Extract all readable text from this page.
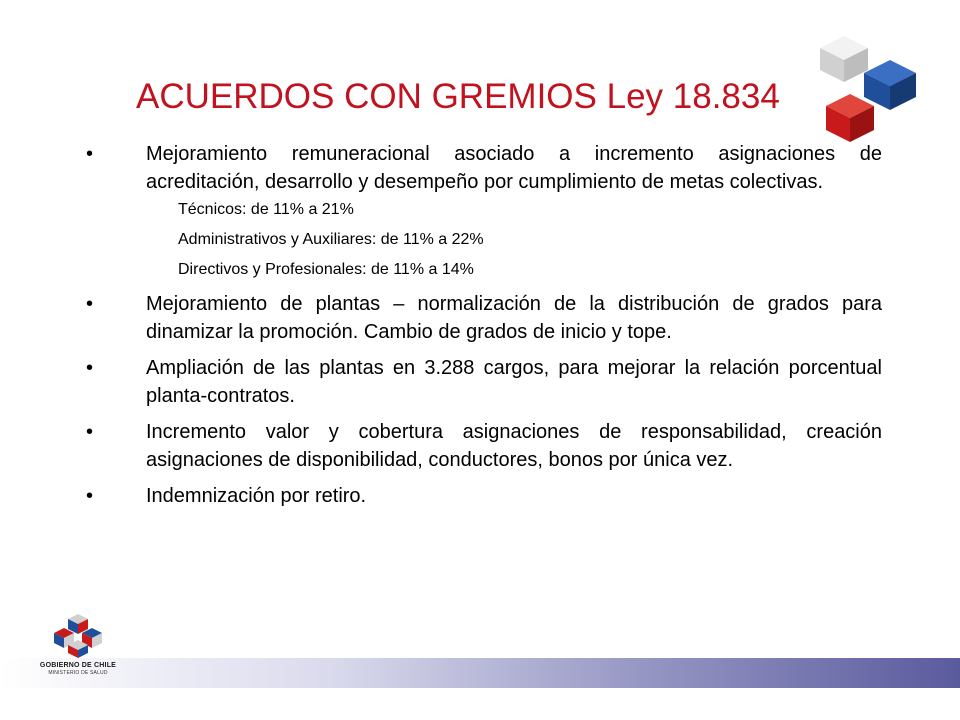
ACUERDOS CON GREMIOS Ley 18.834
•	Mejoramiento remuneracional asociado a incremento asignaciones de acreditación, desarrollo y desempeño por cumplimiento de metas colectivas.

Técnicos: de 11% a 21%

Administrativos y Auxiliares: de 11% a 22%

Directivos y Profesionales: de 11% a 14%

•	Mejoramiento de plantas – normalización de la distribución de grados para dinamizar la promoción. Cambio de grados de inicio y tope.
•	Ampliación de las plantas en 3.288 cargos, para mejorar la relación porcentual planta-contratos.
•	Incremento valor y cobertura asignaciones de responsabilidad, creación asignaciones de disponibilidad, conductores, bonos por única vez.
•	Indemnización por retiro.
GOBIERNO DE CHILE
MINISTERIO DE SALUD
